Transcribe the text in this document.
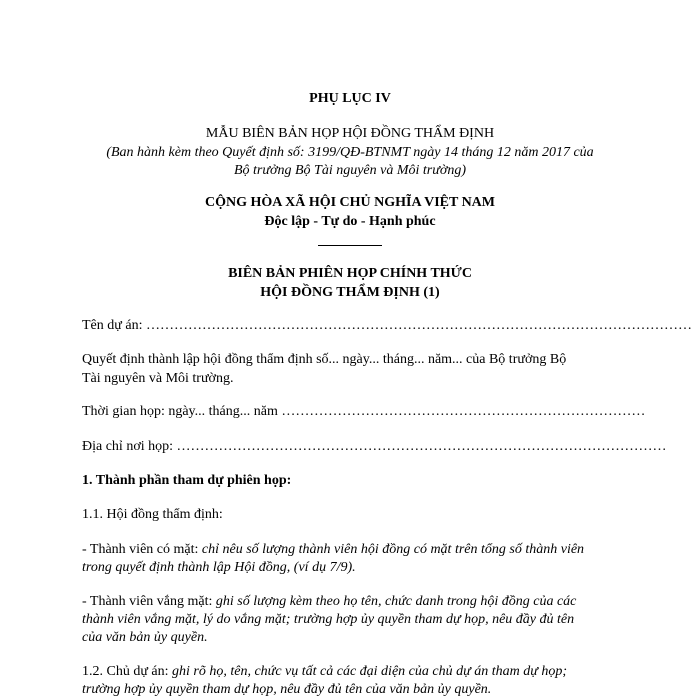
PHỤ LỤC IV
MẪU BIÊN BẢN HỌP HỘI ĐỒNG THẨM ĐỊNH
(Ban hành kèm theo Quyết định số: 3199/QĐ-BTNMT ngày 14 tháng 12 năm 2017 của
Bộ trưởng Bộ Tài nguyên và Môi trường)
CỘNG HÒA XÃ HỘI CHỦ NGHĨA VIỆT NAM
Độc lập - Tự do - Hạnh phúc
BIÊN BẢN PHIÊN HỌP CHÍNH THỨC
HỘI ĐỒNG THẨM ĐỊNH (1)
Tên dự án: ………………………………………………………………………………………………………
Quyết định thành lập hội đồng thẩm định số... ngày... tháng... năm... của Bộ trưởng Bộ
Tài nguyên và Môi trường.
Thời gian họp: ngày... tháng... năm ……………………………………………………………………
Địa chỉ nơi họp: ……………………………………………………………………………………………
1. Thành phần tham dự phiên họp:
1.1. Hội đồng thẩm định:
- Thành viên có mặt: chỉ nêu số lượng thành viên hội đồng có mặt trên tổng số thành viên
trong quyết định thành lập Hội đồng, (ví dụ 7/9).
- Thành viên vắng mặt: ghi số lượng kèm theo họ tên, chức danh trong hội đồng của các
thành viên vắng mặt, lý do vắng mặt; trường hợp ủy quyền tham dự họp, nêu đầy đủ tên
của văn bản ủy quyền.
1.2. Chủ dự án: ghi rõ họ, tên, chức vụ tất cả các đại diện của chủ dự án tham dự họp;
trường hợp ủy quyền tham dự họp, nêu đầy đủ tên của văn bản ủy quyền.
